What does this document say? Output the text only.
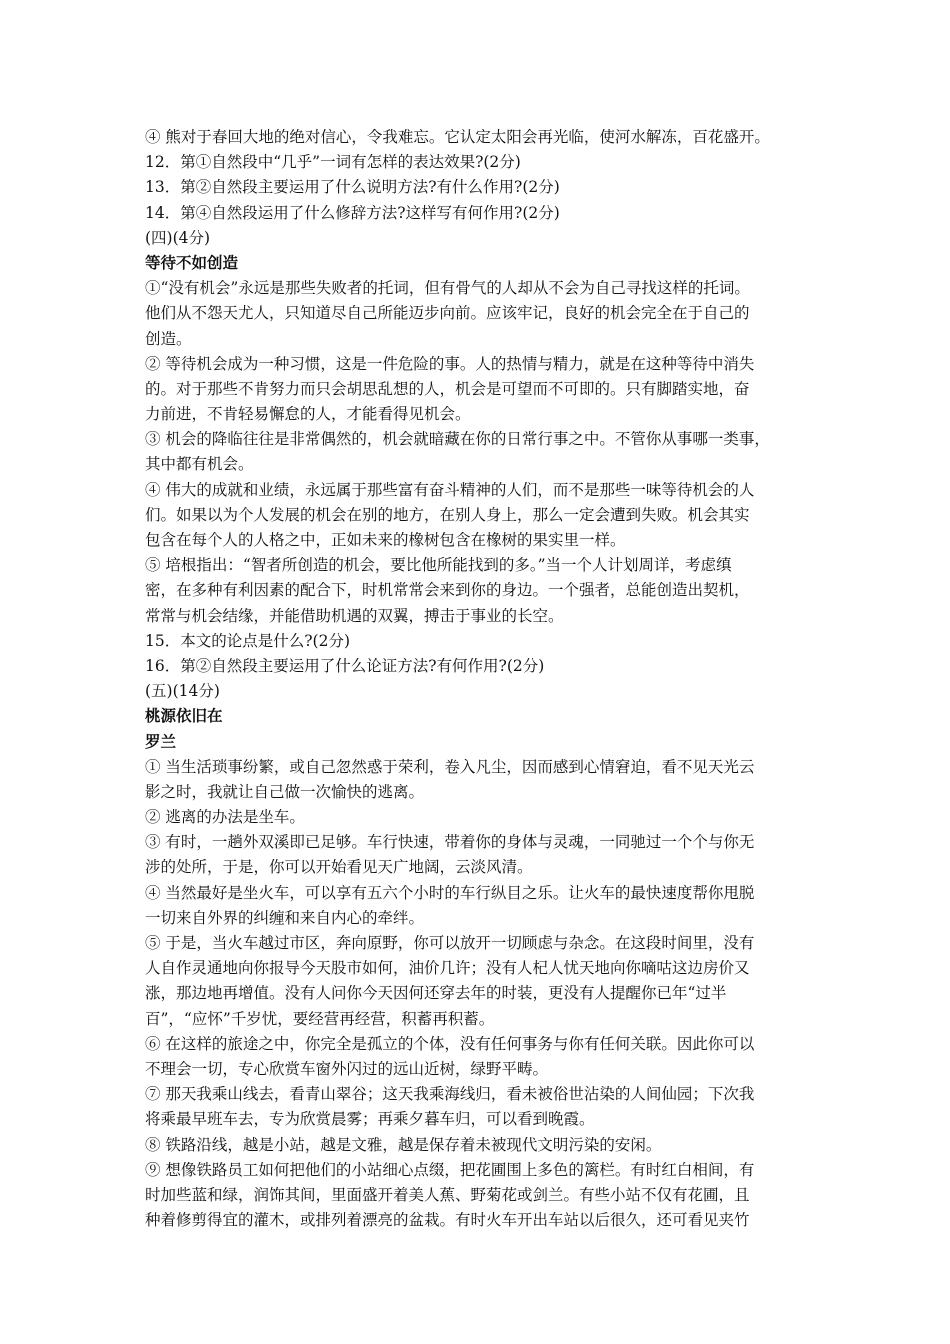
④ 熊对于春回大地的绝对信心，令我难忘。它认定太阳会再光临，使河水解冻，百花盛开。
12．第①自然段中“几乎”一词有怎样的表达效果?(2分)
13．第②自然段主要运用了什么说明方法?有什么作用?(2分)
14．第④自然段运用了什么修辞方法?这样写有何作用?(2分)
(四)(4分)
等待不如创造
①“没有机会”永远是那些失败者的托词，但有骨气的人却从不会为自己寻找这样的托词。
他们从不怨天尤人，只知道尽自己所能迈步向前。应该牢记，良好的机会完全在于自己的
创造。
② 等待机会成为一种习惯，这是一件危险的事。人的热情与精力，就是在这种等待中消失
的。对于那些不肯努力而只会胡思乱想的人，机会是可望而不可即的。只有脚踏实地，奋
力前进，不肯轻易懈怠的人，才能看得见机会。
③ 机会的降临往往是非常偶然的，机会就暗藏在你的日常行事之中。不管你从事哪一类事，
其中都有机会。
④ 伟大的成就和业绩，永远属于那些富有奋斗精神的人们，而不是那些一味等待机会的人
们。如果以为个人发展的机会在别的地方，在别人身上，那么一定会遭到失败。机会其实
包含在每个人的人格之中，正如未来的橡树包含在橡树的果实里一样。
⑤ 培根指出：“智者所创造的机会，要比他所能找到的多。”当一个人计划周详，考虑缜
密，在多种有利因素的配合下，时机常常会来到你的身边。一个强者，总能创造出契机，
常常与机会结缘，并能借助机遇的双翼，搏击于事业的长空。
15．本文的论点是什么?(2分)
16．第②自然段主要运用了什么论证方法?有何作用?(2分)
(五)(14分)
桃源依旧在
罗兰
① 当生活琐事纷繁，或自己忽然惑于荣利，卷入凡尘，因而感到心情窘迫，看不见天光云
影之时，我就让自己做一次愉快的逃离。
② 逃离的办法是坐车。
③ 有时，一趟外双溪即已足够。车行快速，带着你的身体与灵魂，一同驰过一个个与你无
涉的处所，于是，你可以开始看见天广地阔，云淡风清。
④ 当然最好是坐火车，可以享有五六个小时的车行纵目之乐。让火车的最快速度帮你甩脱
一切来自外界的纠缠和来自内心的牵绊。
⑤ 于是，当火车越过市区，奔向原野，你可以放开一切顾虑与杂念。在这段时间里，没有
人自作灵通地向你报导今天股市如何，油价几许；没有人杞人忧天地向你嘀咕这边房价又
涨，那边地再增值。没有人问你今天因何还穿去年的时装，更没有人提醒你已年“过半
百”，“应怀”千岁忧，要经营再经营，积蓄再积蓄。
⑥ 在这样的旅途之中，你完全是孤立的个体，没有任何事务与你有任何关联。因此你可以
不理会一切，专心欣赏车窗外闪过的远山近树，绿野平畴。
⑦ 那天我乘山线去，看青山翠谷；这天我乘海线归，看未被俗世沾染的人间仙园；下次我
将乘最早班车去，专为欣赏晨雾；再乘夕暮车归，可以看到晚霞。
⑧ 铁路沿线，越是小站，越是文雅，越是保存着未被现代文明污染的安闲。
⑨ 想像铁路员工如何把他们的小站细心点缀，把花圃围上多色的篱栏。有时红白相间，有
时加些蓝和绿，润饰其间，里面盛开着美人蕉、野菊花或剑兰。有些小站不仅有花圃，且
种着修剪得宜的灌木，或排列着漂亮的盆栽。有时火车开出车站以后很久，还可看见夹竹
